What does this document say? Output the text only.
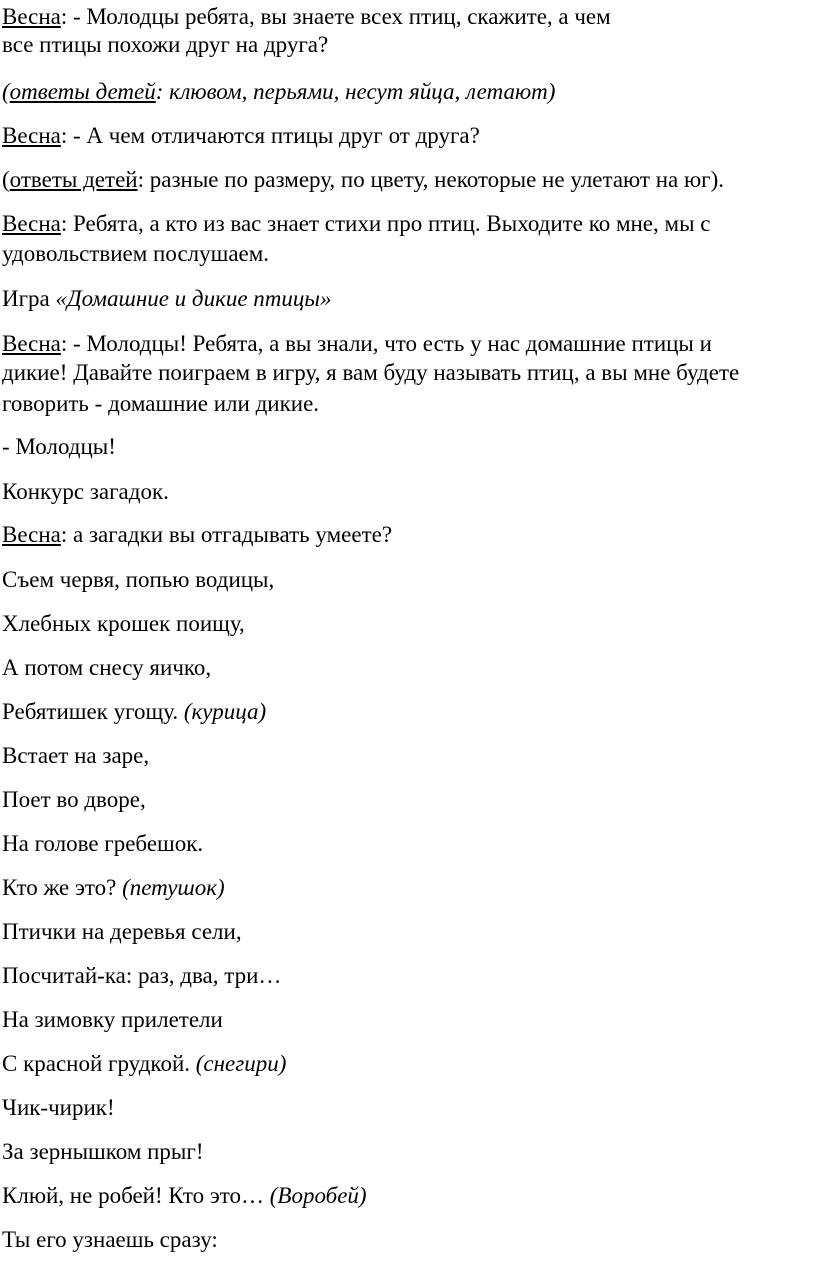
Весна: - Молодцы ребята, вы знаете всех птиц, скажите, а чем
все птицы похожи друг на друга?
(ответы детей: клювом, перьями, несут яйца, летают)
Весна: - А чем отличаются птицы друг от друга?
(ответы детей: разные по размеру, по цвету, некоторые не улетают на юг).
Весна: Ребята, а кто из вас знает стихи про птиц. Выходите ко мне, мы с
удовольствием послушаем.
Игра «Домашние и дикие птицы»
Весна: - Молодцы! Ребята, а вы знали, что есть у нас домашние птицы и
дикие! Давайте поиграем в игру, я вам буду называть птиц, а вы мне будете
говорить - домашние или дикие.
- Молодцы!
Конкурс загадок.
Весна: а загадки вы отгадывать умеете?
Съем червя, попью водицы,
Хлебных крошек поищу,
А потом снесу яичко,
Ребятишек угощу. (курица)
Встает на заре,
Поет во дворе,
На голове гребешок.
Кто же это? (петушок)
Птички на деревья сели,
Посчитай-ка: раз, два, три…
На зимовку прилетели
С красной грудкой. (снегири)
Чик-чирик!
За зернышком прыг!
Клюй, не робей! Кто это… (Воробей)
Ты его узнаешь сразу:
